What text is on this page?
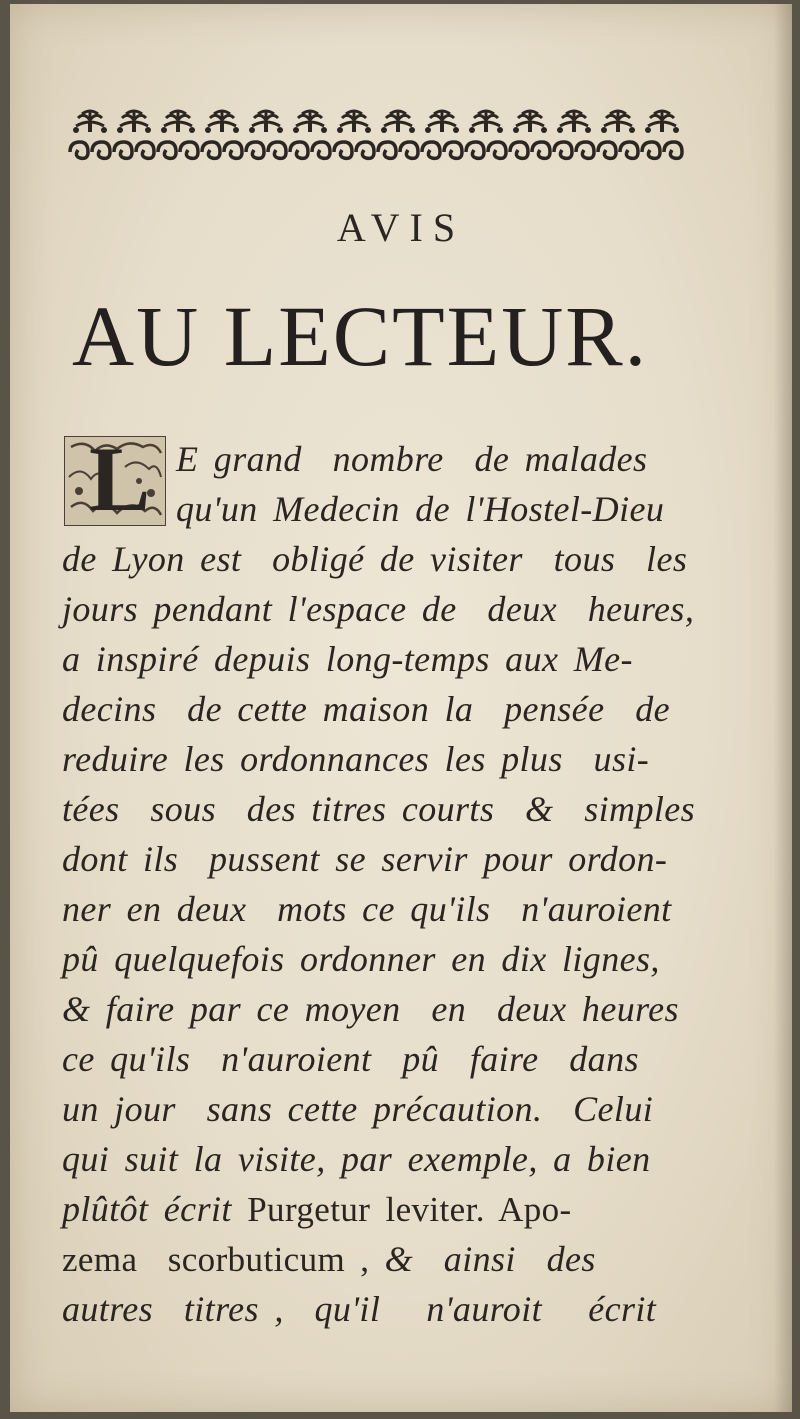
AVIS
AU LECTEUR.
L E grand  nombre  de malades
qu'un Medecin de l'Hostel-Dieu
de Lyon est  obligé de visiter  tous  les
jours pendant l'espace de  deux  heures,
a inspiré depuis long-temps aux Me-
decins  de cette maison la  pensée  de
reduire les ordonnances les plus  usi-
tées  sous  des titres courts  &  simples
dont ils  pussent se servir pour ordon-
ner en deux  mots ce qu'ils  n'auroient
pû quelquefois ordonner en dix lignes,
& faire par ce moyen  en  deux heures
ce qu'ils  n'auroient  pû  faire  dans
un jour  sans cette précaution.  Celui
qui suit la visite, par exemple, a bien
plûtôt écrit Purgetur leviter. Apo-
zema  scorbuticum , &  ainsi  des
autres  titres ,  qu'il   n'auroit   écrit
